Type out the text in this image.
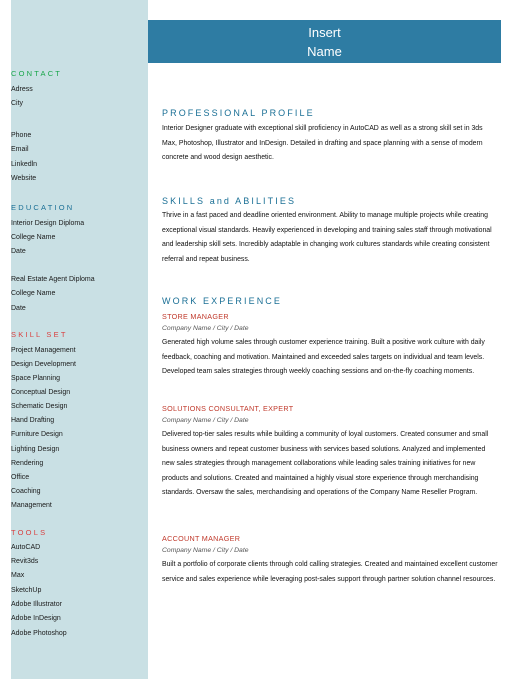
Insert
Name
CONTACT
Adress
City
Phone
Email
Linkedln
Website
EDUCATION
Interior Design Diploma
College Name
Date
Real Estate Agent Diploma
College Name
Date
SKILL SET
Project Management
Design Development
Space Planning
Conceptual Design
Schematic Design
Hand Drafting
Furniture Design
Lighting Design
Rendering
Office
Coaching
Management
TOOLS
AutoCAD
Revit3ds
Max
SketchUp
Adobe Illustrator
Adobe InDesign
Adobe Photoshop
PROFESSIONAL PROFILE
Interior Designer graduate with exceptional skill proficiency in AutoCAD as well as a strong skill set in 3ds Max, Photoshop, Illustrator and InDesign. Detailed in drafting and space planning with a sense of modern concrete and wood design aesthetic.
SKILLS and ABILITIES
Thrive in a fast paced and deadline oriented environment. Ability to manage multiple projects while creating exceptional visual standards. Heavily experienced in developing and training sales staff through motivational and leadership skill sets. Incredibly adaptable in changing work cultures standards while creating consistent referral and repeat business.
WORK EXPERIENCE
STORE MANAGER
Company Name / City / Date
Generated high volume sales through customer experience training. Built a positive work culture with daily feedback, coaching and motivation. Maintained and exceeded sales targets on individual and team levels. Developed team sales strategies through weekly coaching sessions and on-the-fly coaching moments.
SOLUTIONS CONSULTANT, EXPERT
Company Name / City / Date
Delivered top-tier sales results while building a community of loyal customers. Created consumer and small business owners and repeat customer business with services based solutions. Analyzed and implemented new sales strategies through management collaborations while leading sales training initiatives for new products and solutions. Created and maintained a highly visual store experience through merchandising standards. Oversaw the sales, merchandising and operations of the Company Name Reseller Program.
ACCOUNT MANAGER
Company Name / City / Date
Built a portfolio of corporate clients through cold calling strategies. Created and maintained excellent customer service and sales experience while leveraging post-sales support through partner solution channel resources.
